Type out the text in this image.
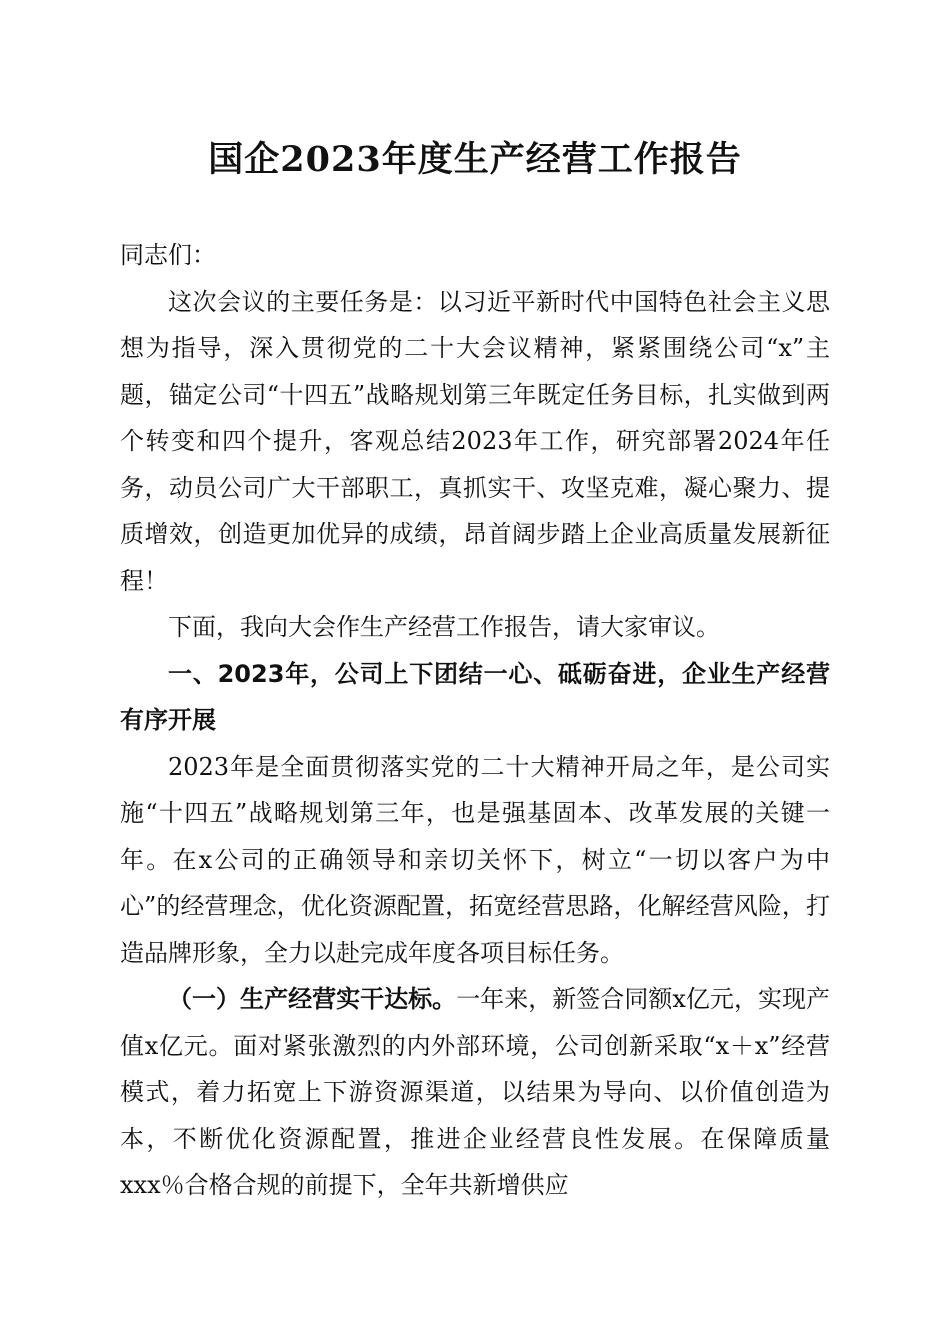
国企2023年度生产经营工作报告

同志们：

这次会议的主要任务是：以习近平新时代中国特色社会主义思想为指导，深入贯彻党的二十大会议精神，紧紧围绕公司“x”主题，锚定公司“十四五”战略规划第三年既定任务目标，扎实做到两个转变和四个提升，客观总结2023年工作，研究部署2024年任务，动员公司广大干部职工，真抓实干、攻坚克难，凝心聚力、提质增效，创造更加优异的成绩，昂首阔步踏上企业高质量发展新征程！

下面，我向大会作生产经营工作报告，请大家审议。

一、2023年，公司上下团结一心、砥砺奋进，企业生产经营有序开展

2023年是全面贯彻落实党的二十大精神开局之年，是公司实施“十四五”战略规划第三年，也是强基固本、改革发展的关键一年。在x公司的正确领导和亲切关怀下，树立“一切以客户为中心”的经营理念，优化资源配置，拓宽经营思路，化解经营风险，打造品牌形象，全力以赴完成年度各项目标任务。

（一）生产经营实干达标。一年来，新签合同额x亿元，实现产值x亿元。面对紧张激烈的内外部环境，公司创新采取“x＋x”经营模式，着力拓宽上下游资源渠道，以结果为导向、以价值创造为本，不断优化资源配置，推进企业经营良性发展。在保障质量xxx％合格合规的前提下，全年共新增供应
